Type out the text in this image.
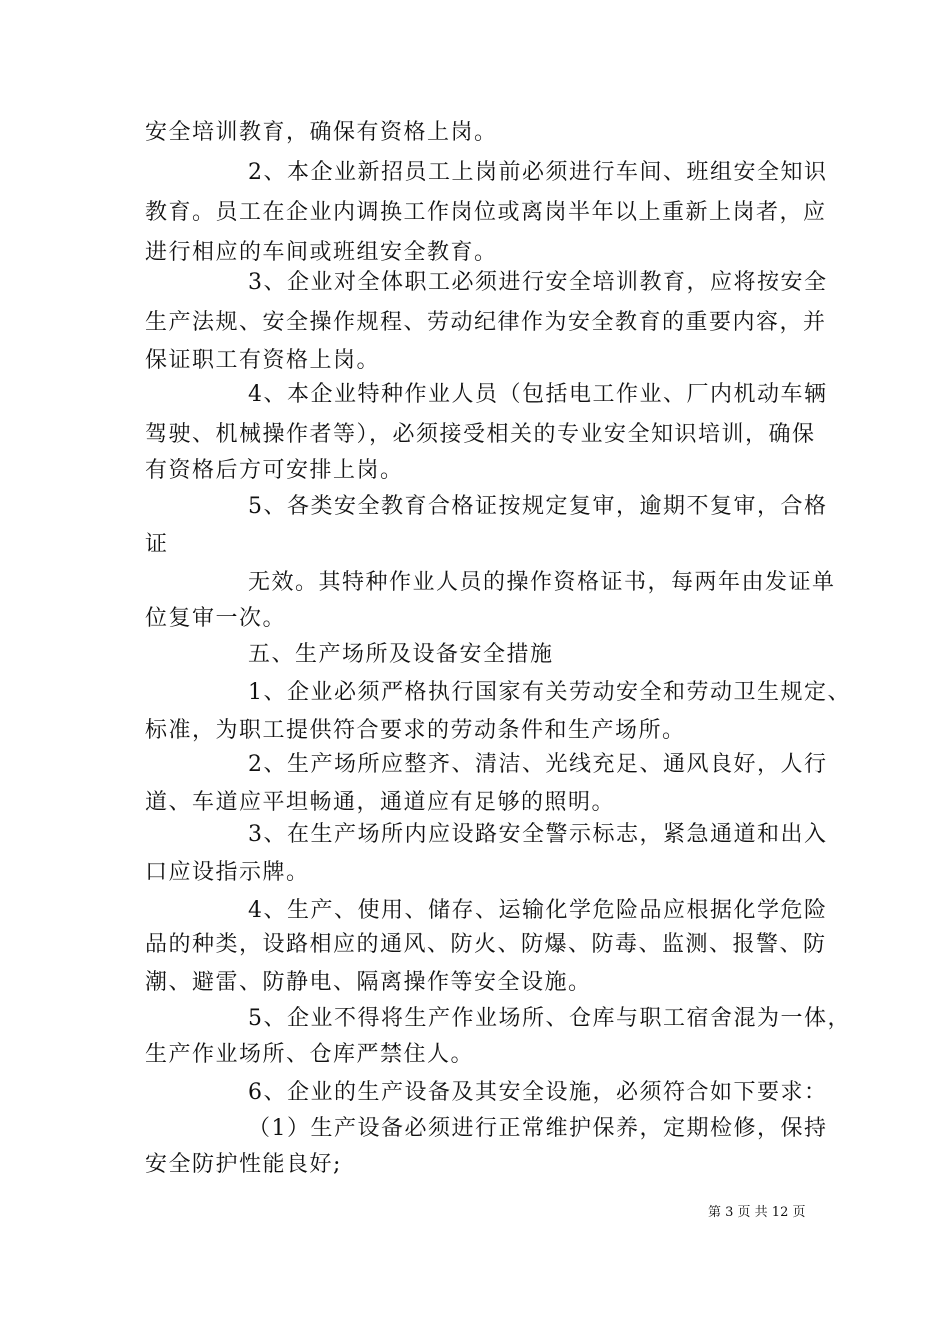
安全培训教育，确保有资格上岗。
2、本企业新招员工上岗前必须进行车间、班组安全知识
教育。员工在企业内调换工作岗位或离岗半年以上重新上岗者，应
进行相应的车间或班组安全教育。
3、企业对全体职工必须进行安全培训教育，应将按安全
生产法规、安全操作规程、劳动纪律作为安全教育的重要内容，并
保证职工有资格上岗。
4、本企业特种作业人员（包括电工作业、厂内机动车辆
驾驶、机械操作者等），必须接受相关的专业安全知识培训，确保
有资格后方可安排上岗。
5、各类安全教育合格证按规定复审，逾期不复审，合格
证
无效。其特种作业人员的操作资格证书，每两年由发证单
位复审一次。
五、生产场所及设备安全措施
1、企业必须严格执行国家有关劳动安全和劳动卫生规定、
标准，为职工提供符合要求的劳动条件和生产场所。
2、生产场所应整齐、清洁、光线充足、通风良好，人行
道、车道应平坦畅通，通道应有足够的照明。
3、在生产场所内应设路安全警示标志，紧急通道和出入
口应设指示牌。
4、生产、使用、储存、运输化学危险品应根据化学危险
品的种类，设路相应的通风、防火、防爆、防毒、监测、报警、防
潮、避雷、防静电、隔离操作等安全设施。
5、企业不得将生产作业场所、仓库与职工宿舍混为一体，
生产作业场所、仓库严禁住人。
6、企业的生产设备及其安全设施，必须符合如下要求：
（1）生产设备必须进行正常维护保养，定期检修，保持
安全防护性能良好;
第 3 页 共 12 页
